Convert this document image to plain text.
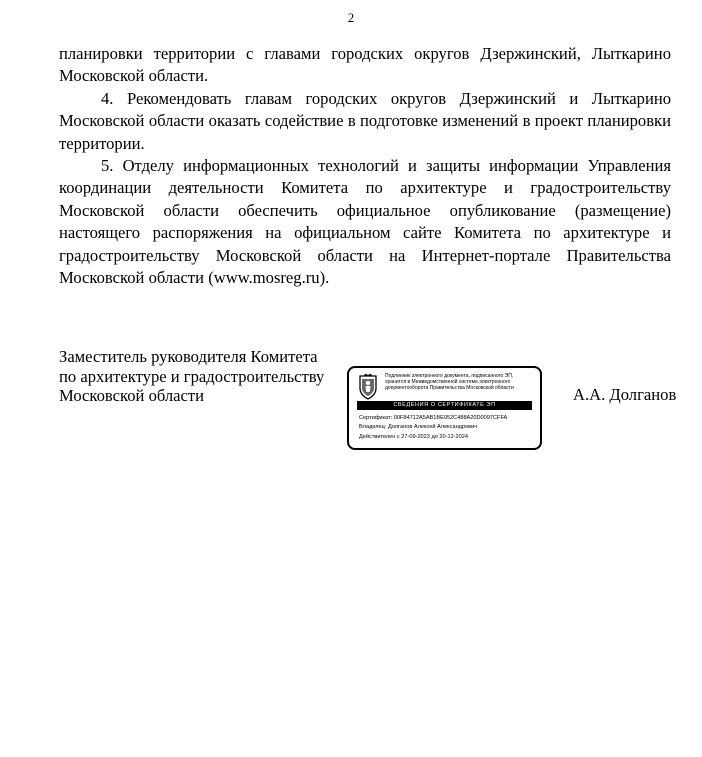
2

планировки территории с главами городских округов Дзержинский, Лыткарино Московской области.

4. Рекомендовать главам городских округов Дзержинский и Лыткарино Московской области оказать содействие в подготовке изменений в проект планировки территории.

5. Отделу информационных технологий и защиты информации Управления координации деятельности Комитета по архитектуре и градостроительству Московской области обеспечить официальное опубликование (размещение) настоящего распоряжения на официальном сайте Комитета по архитектуре и градостроительству Московской области на Интернет-портале Правительства Московской области (www.mosreg.ru).

Заместитель руководителя Комитета
по архитектуре и градостроительству
Московской области
Подлинник электронного документа, подписанного ЭП,
хранится в Межведомственной системе электронного
документооборота Правительства Московской области
СВЕДЕНИЯ О СЕРТИФИКАТЕ ЭП
Сертификат: 00F84712A5AB1BE052C488A20D0097CFFA
Владелец: Долганов Алексей Александрович
Действителен с 27-09-2023 до 20-12-2024
А.А. Долганов
